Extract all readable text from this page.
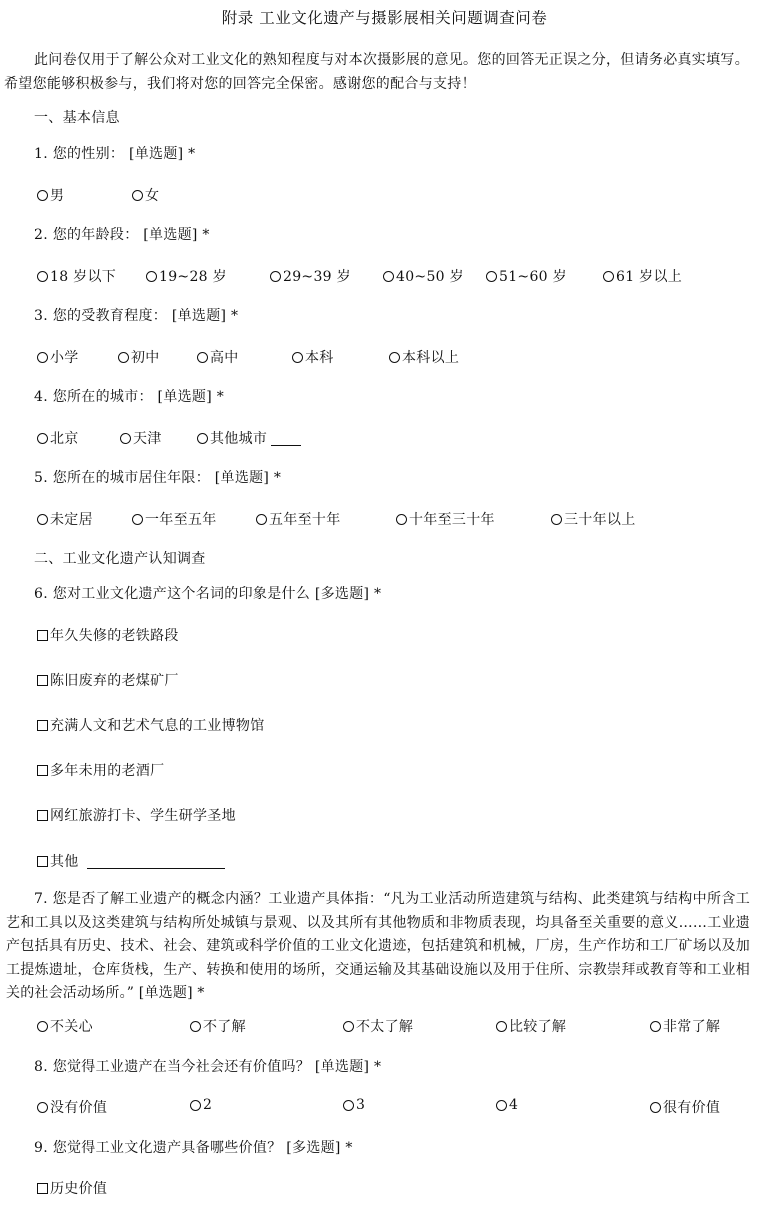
附录 工业文化遗产与摄影展相关问题调查问卷
此问卷仅用于了解公众对工业文化的熟知程度与对本次摄影展的意见。您的回答无正误之分，但请务必真实填写。希望您能够积极参与，我们将对您的回答完全保密。感谢您的配合与支持！
一、基本信息
1. 您的性别： [单选题] *
男	女
2. 您的年龄段： [单选题] *
18 岁以下	19~28 岁	29~39 岁	40~50 岁	51~60 岁	61 岁以上
3. 您的受教育程度： [单选题] *
小学	初中	高中	本科	本科以上
4. 您所在的城市： [单选题] *
北京	天津	其他城市
5. 您所在的城市居住年限： [单选题] *
未定居	一年至五年	五年至十年	十年至三十年	三十年以上
二、工业文化遗产认知调查
6. 您对工业文化遗产这个名词的印象是什么 [多选题] *
年久失修的老铁路段
陈旧废弃的老煤矿厂
充满人文和艺术气息的工业博物馆
多年未用的老酒厂
网红旅游打卡、学生研学圣地
其他
7. 您是否了解工业遗产的概念内涵？工业遗产具体指：“凡为工业活动所造建筑与结构、此类建筑与结构中所含工艺和工具以及这类建筑与结构所处城镇与景观、以及其所有其他物质和非物质表现，均具备至关重要的意义……工业遗产包括具有历史、技术、社会、建筑或科学价值的工业文化遗迹，包括建筑和机械，厂房，生产作坊和工厂矿场以及加工提炼遗址，仓库货栈，生产、转换和使用的场所，交通运输及其基础设施以及用于住所、宗教崇拜或教育等和工业相关的社会活动场所。” [单选题] *
不关心	不了解	不太了解	比较了解	非常了解
8. 您觉得工业遗产在当今社会还有价值吗？ [单选题] *
没有价值	2	3	4	很有价值
9. 您觉得工业文化遗产具备哪些价值？ [多选题] *
历史价值
